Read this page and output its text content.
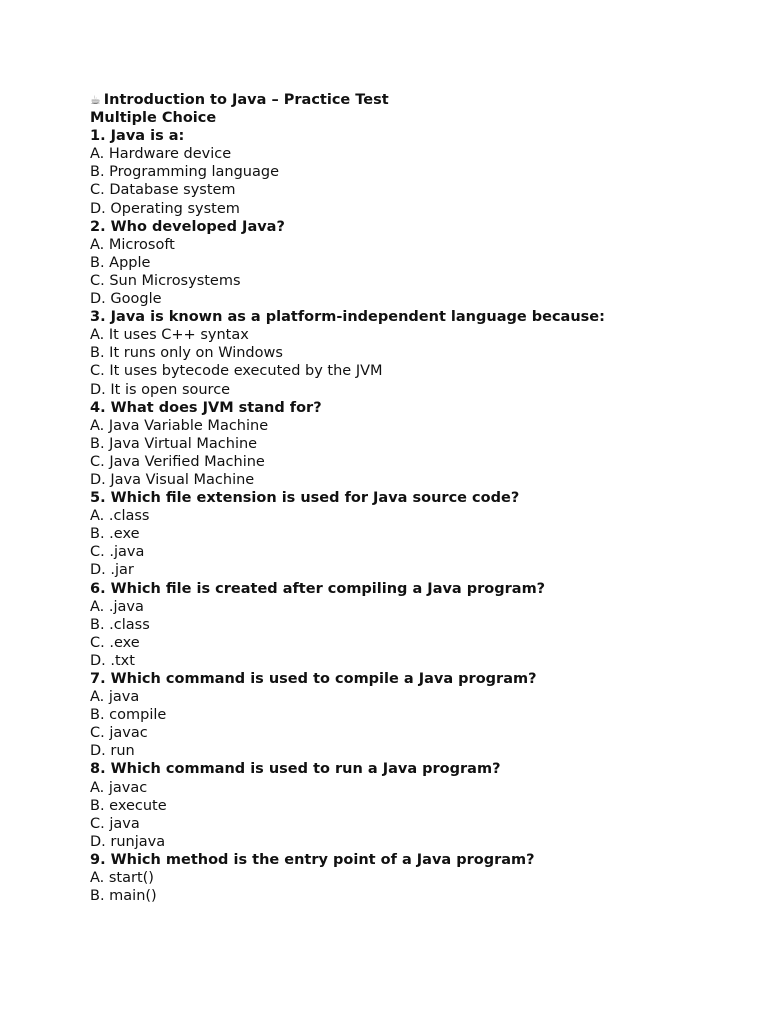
☕ Introduction to Java – Practice Test
Multiple Choice
1. Java is a:
A. Hardware device
B. Programming language
C. Database system
D. Operating system
2. Who developed Java?
A. Microsoft
B. Apple
C. Sun Microsystems
D. Google
3. Java is known as a platform-independent language because:
A. It uses C++ syntax
B. It runs only on Windows
C. It uses bytecode executed by the JVM
D. It is open source
4. What does JVM stand for?
A. Java Variable Machine
B. Java Virtual Machine
C. Java Verified Machine
D. Java Visual Machine
5. Which file extension is used for Java source code?
A. .class
B. .exe
C. .java
D. .jar
6. Which file is created after compiling a Java program?
A. .java
B. .class
C. .exe
D. .txt
7. Which command is used to compile a Java program?
A. java
B. compile
C. javac
D. run
8. Which command is used to run a Java program?
A. javac
B. execute
C. java
D. runjava
9. Which method is the entry point of a Java program?
A. start()
B. main()
